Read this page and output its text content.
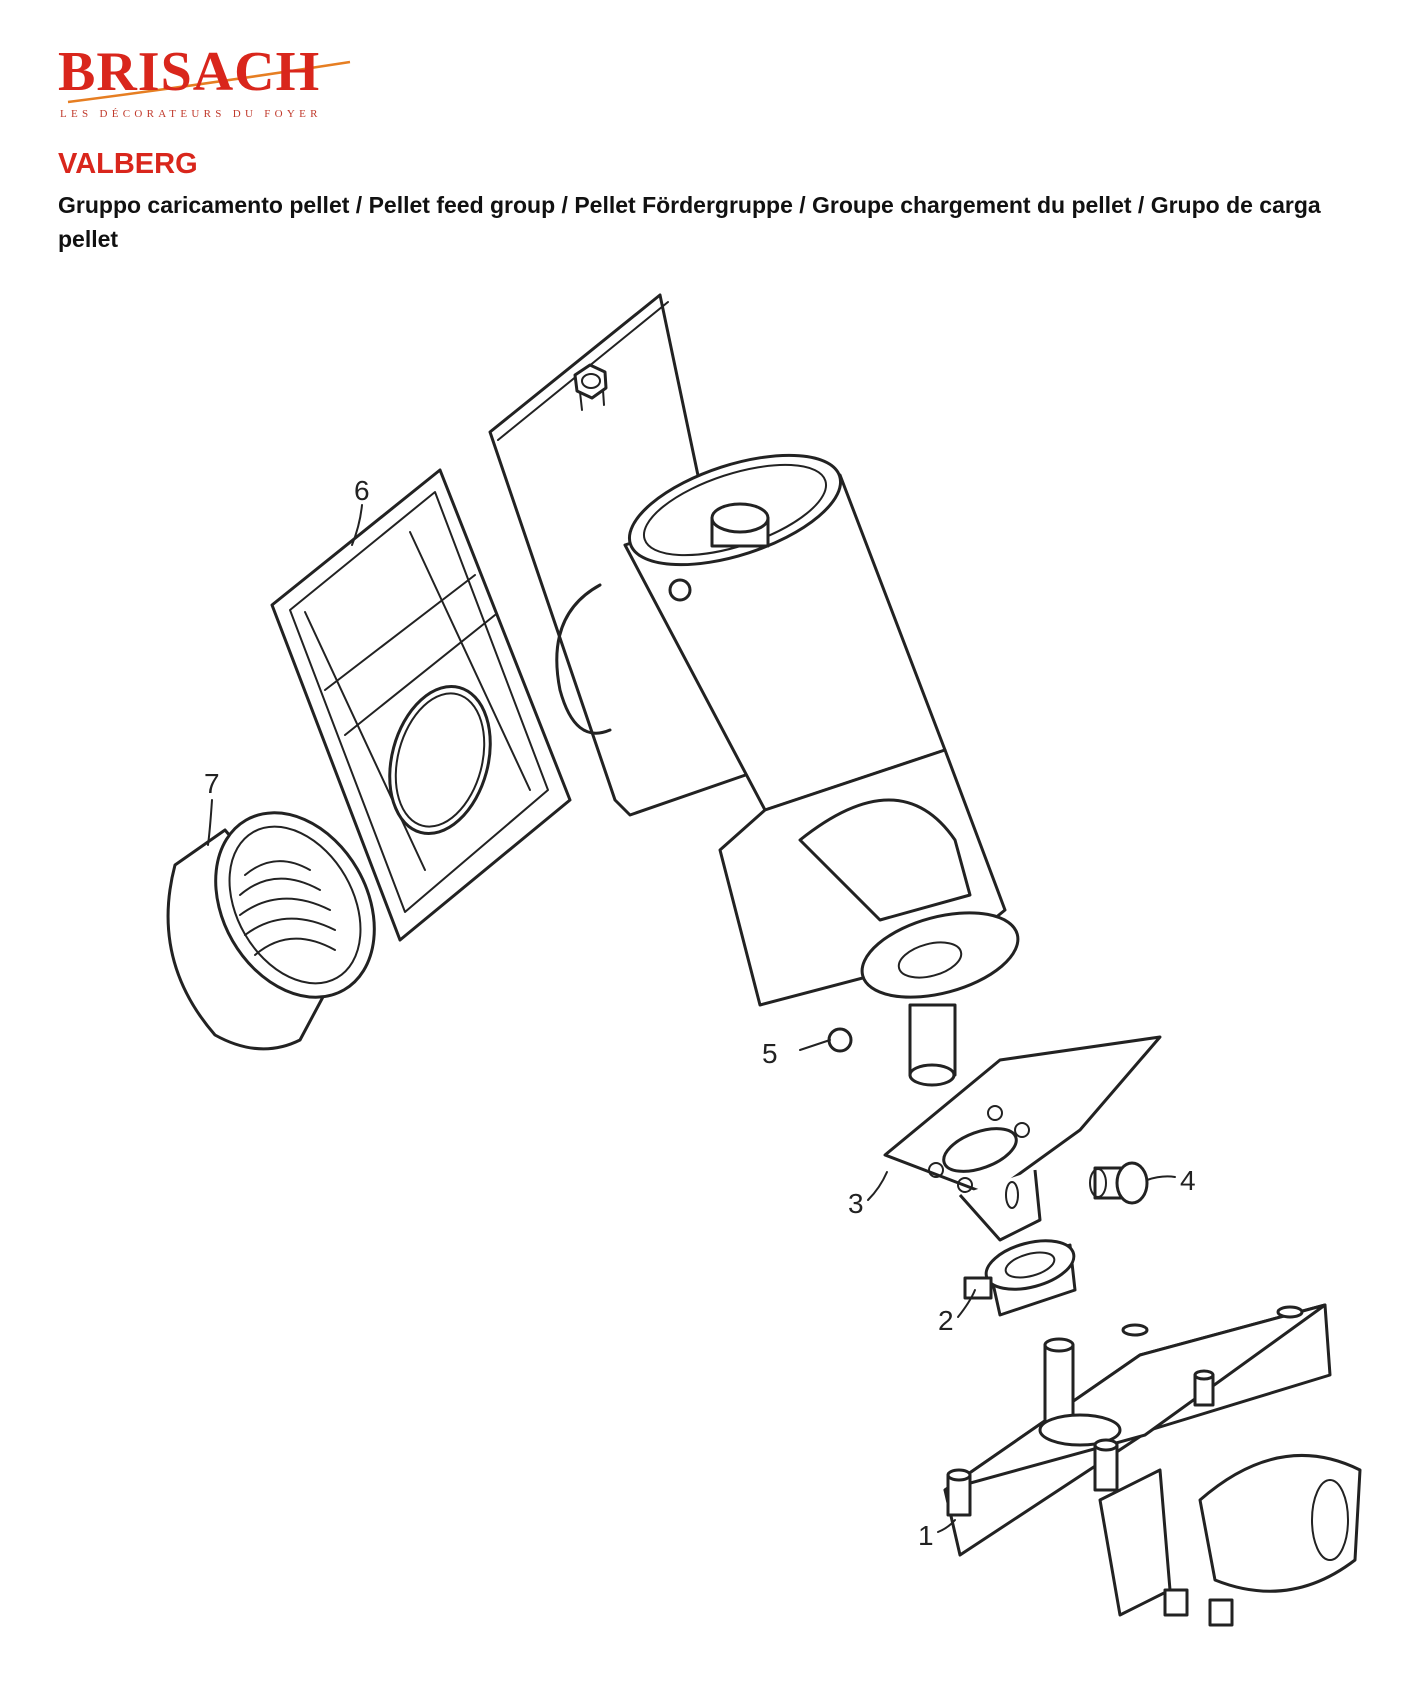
BRISACH
LES DÉCORATEURS DU FOYER
VALBERG
Gruppo caricamento pellet / Pellet feed group / Pellet Fördergruppe / Groupe chargement du pellet / Grupo de carga pellet
1
2
3
4
5
6
7
